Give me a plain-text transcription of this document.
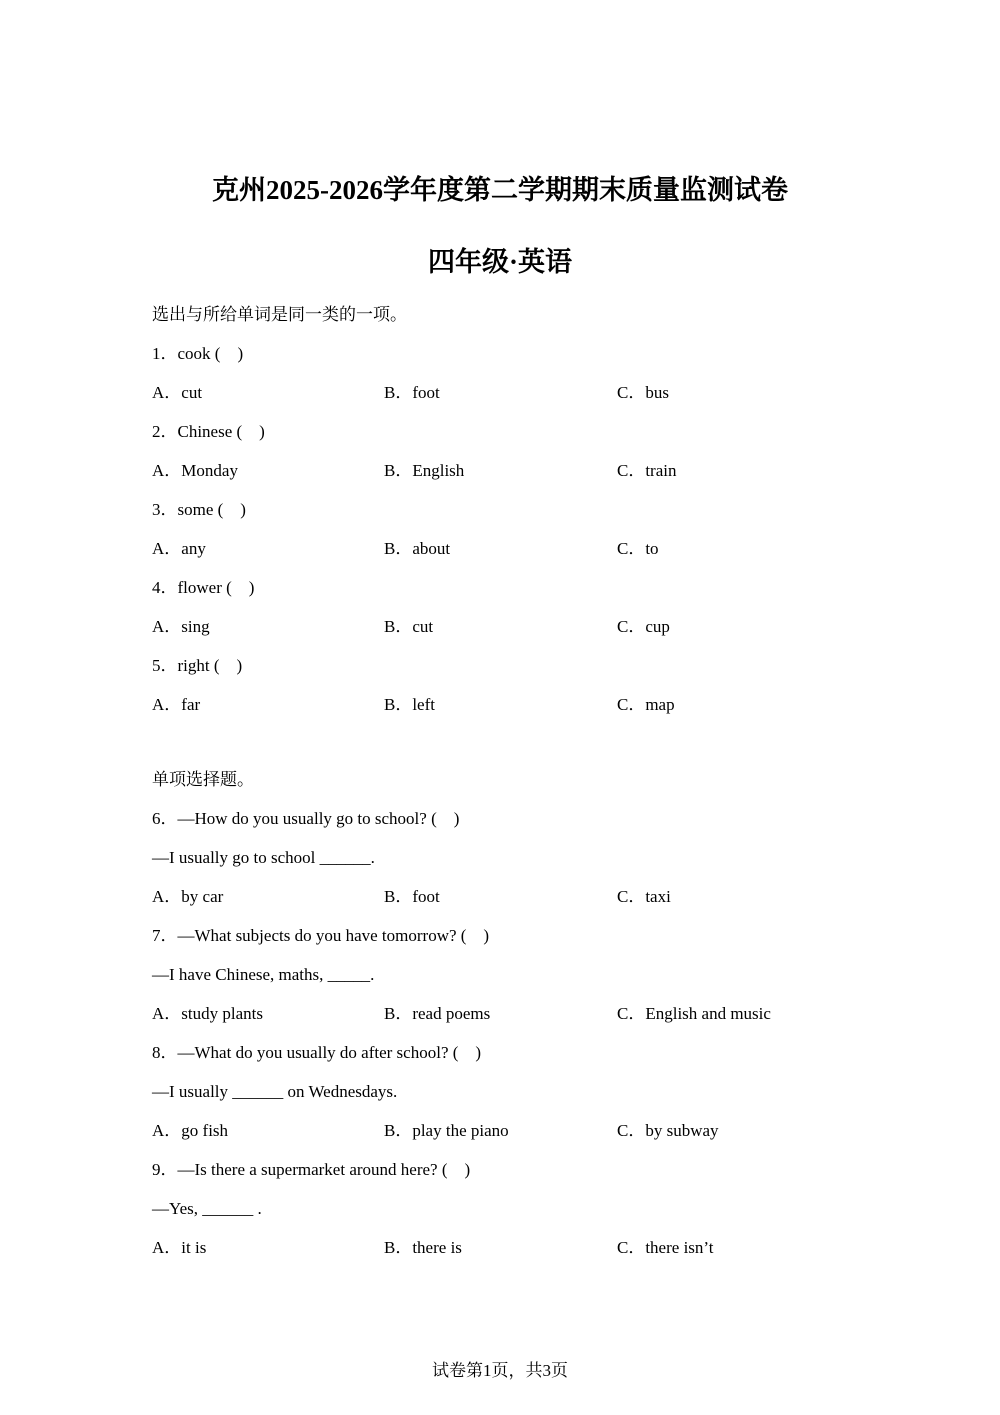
克州2025-2026学年度第二学期期末质量监测试卷
四年级·英语
选出与所给单词是同一类的一项。
1．cook (    )
A．cut	B．foot	C．bus
2．Chinese (    )
A．Monday	B．English	C．train
3．some (    )
A．any	B．about	C．to
4．flower (    )
A．sing	B．cut	C．cup
5．right (    )
A．far	B．left	C．map
单项选择题。
6．—How do you usually go to school? (    )
—I usually go to school ______.
A．by car	B．foot	C．taxi
7．—What subjects do you have tomorrow? (    )
—I have Chinese, maths, _____.
A．study plants	B．read poems	C．English and music
8．—What do you usually do after school? (    )
—I usually ______ on Wednesdays.
A．go fish	B．play the piano	C．by subway
9．—Is there a supermarket around here? (    )
—Yes, ______ .
A．it is	B．there is	C．there isn’t
试卷第1页，共3页
